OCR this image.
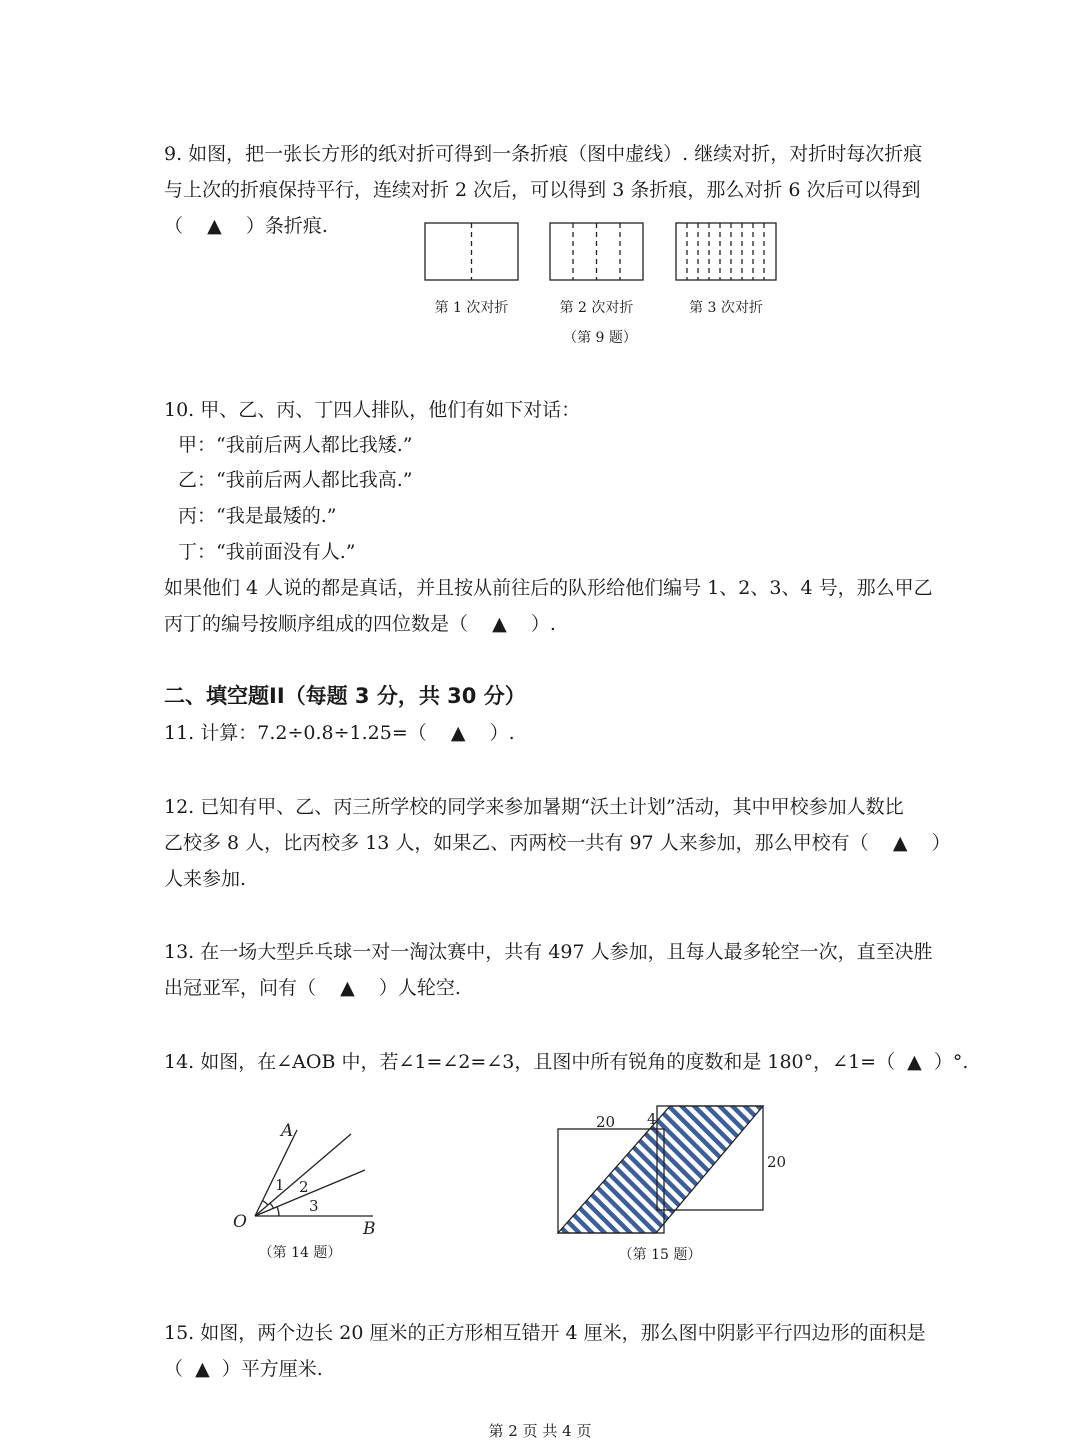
9. 如图，把一张长方形的纸对折可得到一条折痕（图中虚线）. 继续对折，对折时每次折痕
与上次的折痕保持平行，连续对折 2 次后，可以得到 3 条折痕，那么对折 6 次后可以得到
（    ▲    ）条折痕.
第 1 次对折	第 2 次对折	第 3 次对折
（第 9 题）
10. 甲、乙、丙、丁四人排队，他们有如下对话：
甲：“我前后两人都比我矮.”
乙：“我前后两人都比我高.”
丙：“我是最矮的.”
丁：“我前面没有人.”
如果他们 4 人说的都是真话，并且按从前往后的队形给他们编号 1、2、3、4 号，那么甲乙
丙丁的编号按顺序组成的四位数是（    ▲    ）.
二、填空题II（每题 3 分，共 30 分）
11. 计算：7.2÷0.8÷1.25=（    ▲    ）.
12. 已知有甲、乙、丙三所学校的同学来参加暑期“沃土计划”活动，其中甲校参加人数比
乙校多 8 人，比丙校多 13 人，如果乙、丙两校一共有 97 人来参加，那么甲校有（    ▲    ）
人来参加.
13. 在一场大型乒乓球一对一淘汰赛中，共有 497 人参加，且每人最多轮空一次，直至决胜
出冠亚军，问有（    ▲    ）人轮空.
14. 如图，在∠AOB 中，若∠1=∠2=∠3，且图中所有锐角的度数和是 180°，∠1=（  ▲  ）°.
A
O	B
1 2
3
（第 14 题）
20 4
20
（第 15 题）
15. 如图，两个边长 20 厘米的正方形相互错开 4 厘米，那么图中阴影平行四边形的面积是
（  ▲  ）平方厘米.
第 2 页 共 4 页
